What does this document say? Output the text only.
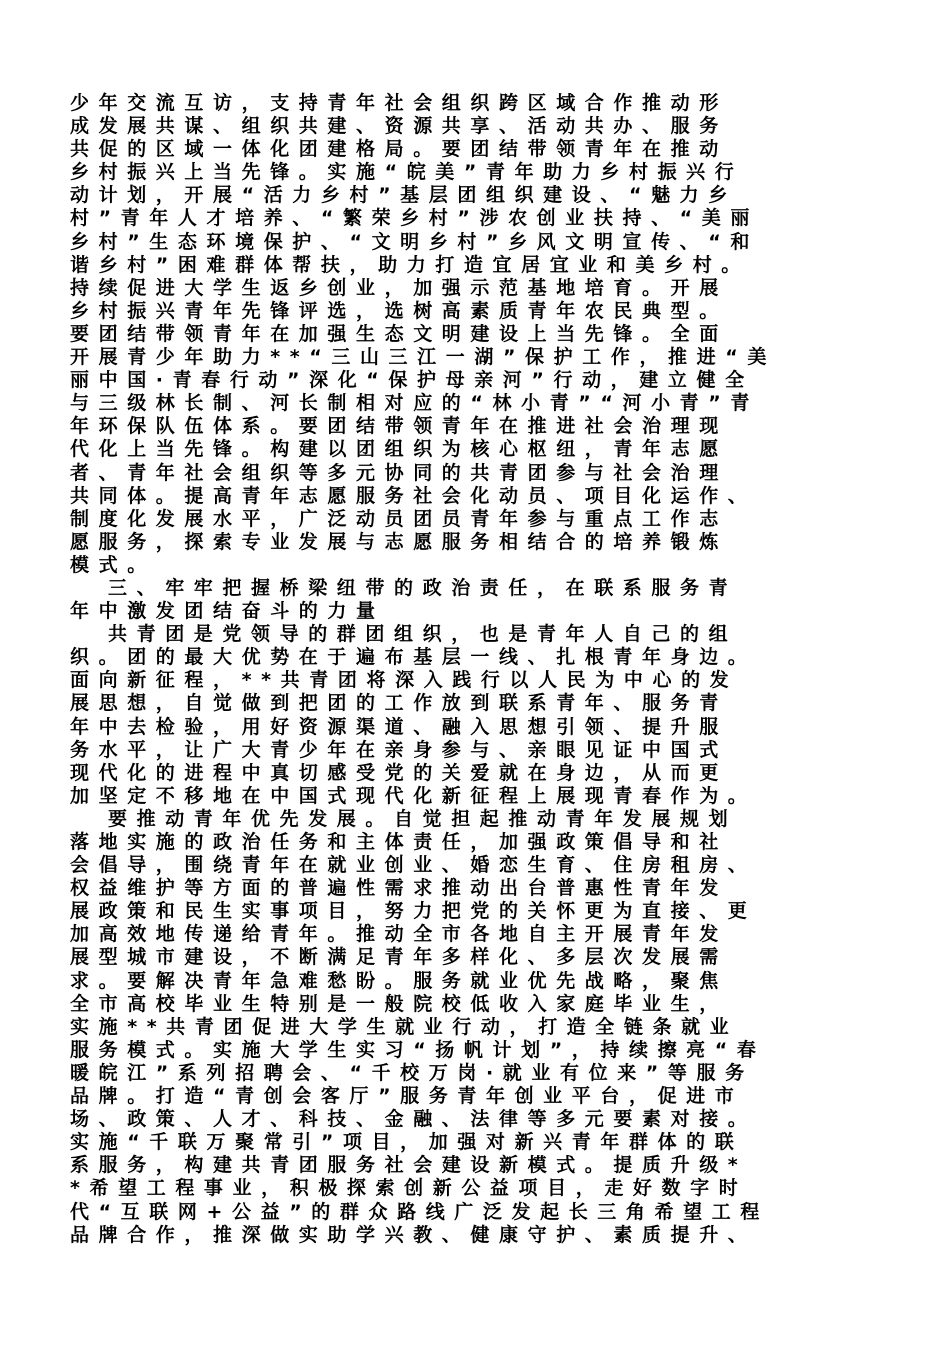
少年交流互访，支持青年社会组织跨区域合作推动形
成发展共谋、组织共建、资源共享、活动共办、服务
共促的区域一体化团建格局。要团结带领青年在推动
乡村振兴上当先锋。实施“皖美”青年助力乡村振兴行
动计划，开展“活力乡村”基层团组织建设、“魅力乡
村”青年人才培养、“繁荣乡村”涉农创业扶持、“美丽
乡村”生态环境保护、“文明乡村”乡风文明宣传、“和
谐乡村”困难群体帮扶，助力打造宜居宜业和美乡村。
持续促进大学生返乡创业，加强示范基地培育。开展
乡村振兴青年先锋评选，选树高素质青年农民典型。
要团结带领青年在加强生态文明建设上当先锋。全面
开展青少年助力**“三山三江一湖”保护工作，推进“美
丽中国·青春行动”深化“保护母亲河”行动，建立健全
与三级林长制、河长制相对应的“林小青”“河小青”青
年环保队伍体系。要团结带领青年在推进社会治理现
代化上当先锋。构建以团组织为核心枢纽，青年志愿
者、青年社会组织等多元协同的共青团参与社会治理
共同体。提高青年志愿服务社会化动员、项目化运作、
制度化发展水平，广泛动员团员青年参与重点工作志
愿服务，探索专业发展与志愿服务相结合的培养锻炼
模式。
三、牢牢把握桥梁纽带的政治责任，在联系服务青
年中激发团结奋斗的力量
共青团是党领导的群团组织，也是青年人自己的组
织。团的最大优势在于遍布基层一线、扎根青年身边。
面向新征程，**共青团将深入践行以人民为中心的发
展思想，自觉做到把团的工作放到联系青年、服务青
年中去检验，用好资源渠道、融入思想引领、提升服
务水平，让广大青少年在亲身参与、亲眼见证中国式
现代化的进程中真切感受党的关爱就在身边，从而更
加坚定不移地在中国式现代化新征程上展现青春作为。
要推动青年优先发展。自觉担起推动青年发展规划
落地实施的政治任务和主体责任，加强政策倡导和社
会倡导，围绕青年在就业创业、婚恋生育、住房租房、
权益维护等方面的普遍性需求推动出台普惠性青年发
展政策和民生实事项目，努力把党的关怀更为直接、更
加高效地传递给青年。推动全市各地自主开展青年发
展型城市建设，不断满足青年多样化、多层次发展需
求。要解决青年急难愁盼。服务就业优先战略，聚焦
全市高校毕业生特别是一般院校低收入家庭毕业生，
实施**共青团促进大学生就业行动，打造全链条就业
服务模式。实施大学生实习“扬帆计划”，持续擦亮“春
暖皖江”系列招聘会、“千校万岗·就业有位来”等服务
品牌。打造“青创会客厅”服务青年创业平台，促进市
场、政策、人才、科技、金融、法律等多元要素对接。
实施“千联万聚常引”项目，加强对新兴青年群体的联
系服务，构建共青团服务社会建设新模式。提质升级*
*希望工程事业，积极探索创新公益项目，走好数字时
代“互联网+公益”的群众路线广泛发起长三角希望工程
品牌合作，推深做实助学兴教、健康守护、素质提升、
